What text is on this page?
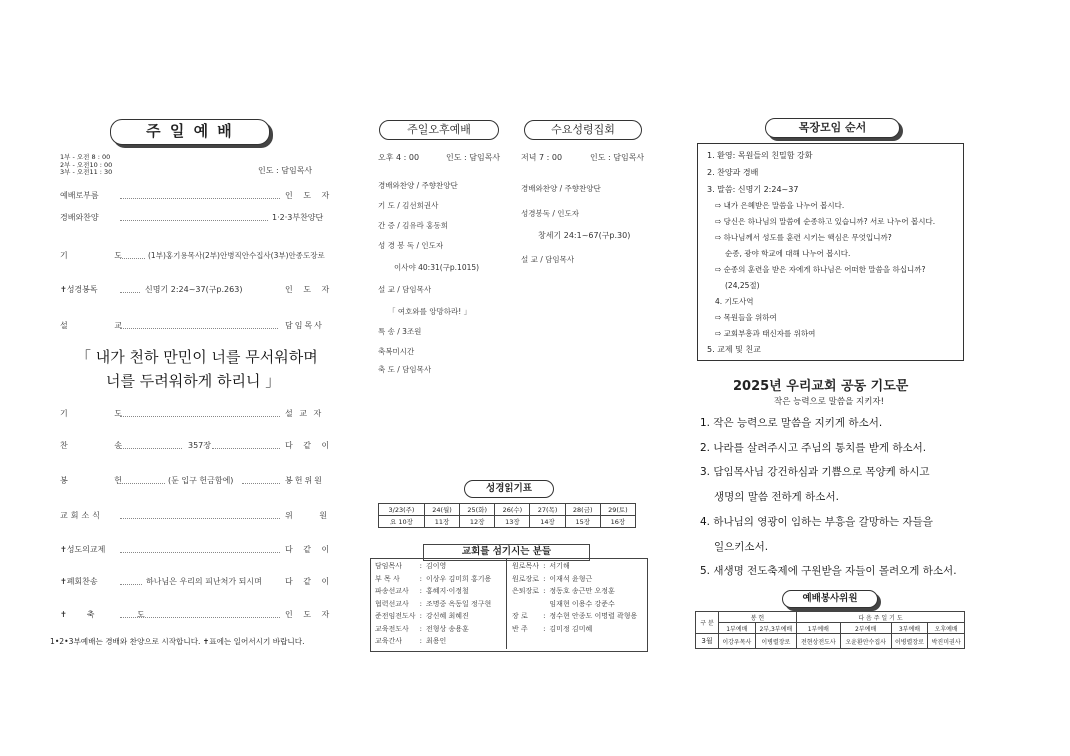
주 일 예 배
1부 - 오전 8 : 00
2부 - 오전10 : 00
3부 - 오전11 : 30	인도 : 담임목사
예배로부름	인 도 자
경배와찬양	1·2·3부찬양단
기 도 (1부)홍기용목사(2부)안병직안수집사(3부)안종도장로
✝성경봉독	신명기 2:24~37(구p.263)	인 도 자
설 교	담임목사
「 내가 천하 만민이 너를 무서워하며
너를 두려워하게 하리니 」
기 도	설 교 자
찬 송	357장	다 같 이
봉 헌	(둔 입구 헌금함에)	봉헌위원
교회소식	위 원
✝성도의교제	다 같 이
✝폐회찬송	하나님은 우리의 피난처가 되시며	다 같 이
✝축 도	인 도 자
1•2•3부예배는 경배와 찬양으로 시작합니다. ✝표에는 일어서시기 바랍니다.
주일오후예배
오후 4 : 00	인도 : 담임목사
경배와찬양 / 주향찬양단
기 도 / 김선희권사
간 증 / 김유라 홍동희
성 경 봉 독 / 인도자
이사야 40:31(구p.1015)
설 교 / 담임목사
「 여호와를 앙망하라! 」
특 송 / 3조원
축복미시간
축 도 / 담임목사
수요성령집회
저녁 7 : 00	인도 : 담임목사
경배와찬양 / 주향찬양단
성경봉독 / 인도자
창세기 24:1~67(구p.30)
설 교 / 담임목사
성경읽기표
3/23(주)	24(월)	25(화)	26(수)	27(목)	28(금)	29(토)
요 10장	11장	12장	13장	14장	15장	16장
교회를 섬기시는 분들
담임목사	:	김이영
부 목 사	:	이상우 김미희 홍기용
파송선교사	:	홍혜지·이정철
협력선교사	:	조명중 옥동일 정구현
준전임전도사	:	강신혜 최혜진
교육전도사	:	전형상 송용훈
교육간사	:	최용인
원로목사	:	서기해
원로장로	:	이재석 윤형근
은퇴장로	:	정동호 송근만 오정훈
		임재현 이용수 강준수
장 로	:	정수현 안종도 이명렬 곽형용
반 주	:	김미정 김미혜
목장모임 순서
1. 환영: 목원들의 친밀함 강화
2. 찬양과 경배
3. 말씀: 신명기 2:24~37
⇨ 내가 은혜받은 말씀을 나누어 봅시다.
⇨ 당신은 하나님의 말씀에 순종하고 있습니까? 서로 나누어 봅시다.
⇨ 하나님께서 성도를 훈련 시키는 핵심은 무엇입니까?
순종, 광야 학교에 대해 나누어 봅시다.
⇨ 순종의 훈련을 받은 자에게 하나님은 어떠한 말씀을 하십니까?
(24,25절)
4. 기도사역
⇨ 목원들을 위하여
⇨ 교회부흥과 태신자를 위하여
5. 교제 및 친교
2025년 우리교회 공동 기도문
작은 능력으로 말씀을 지키자!
1. 작은 능력으로 말씀을 지키게 하소서.
2. 나라를 살려주시고 주님의 통치를 받게 하소서.
3. 담임목사님 강건하심과 기쁨으로 목양케 하시고
생명의 말씀 전하게 하소서.
4. 하나님의 영광이 임하는 부흥을 갈망하는 자들을
일으키소서.
5. 새생명 전도축제에 구원받을 자들이 몰려오게 하소서.
예배봉사위원
구 분	봉 헌		다 음 주 일 기 도			
	1부예배	2부,3부예배	1부예배	2부예배	3부예배	오후예배
3월	이강우목사	이병렬장로	전현상전도사	오윤환안수집사	이병렬장로	박진미권사
